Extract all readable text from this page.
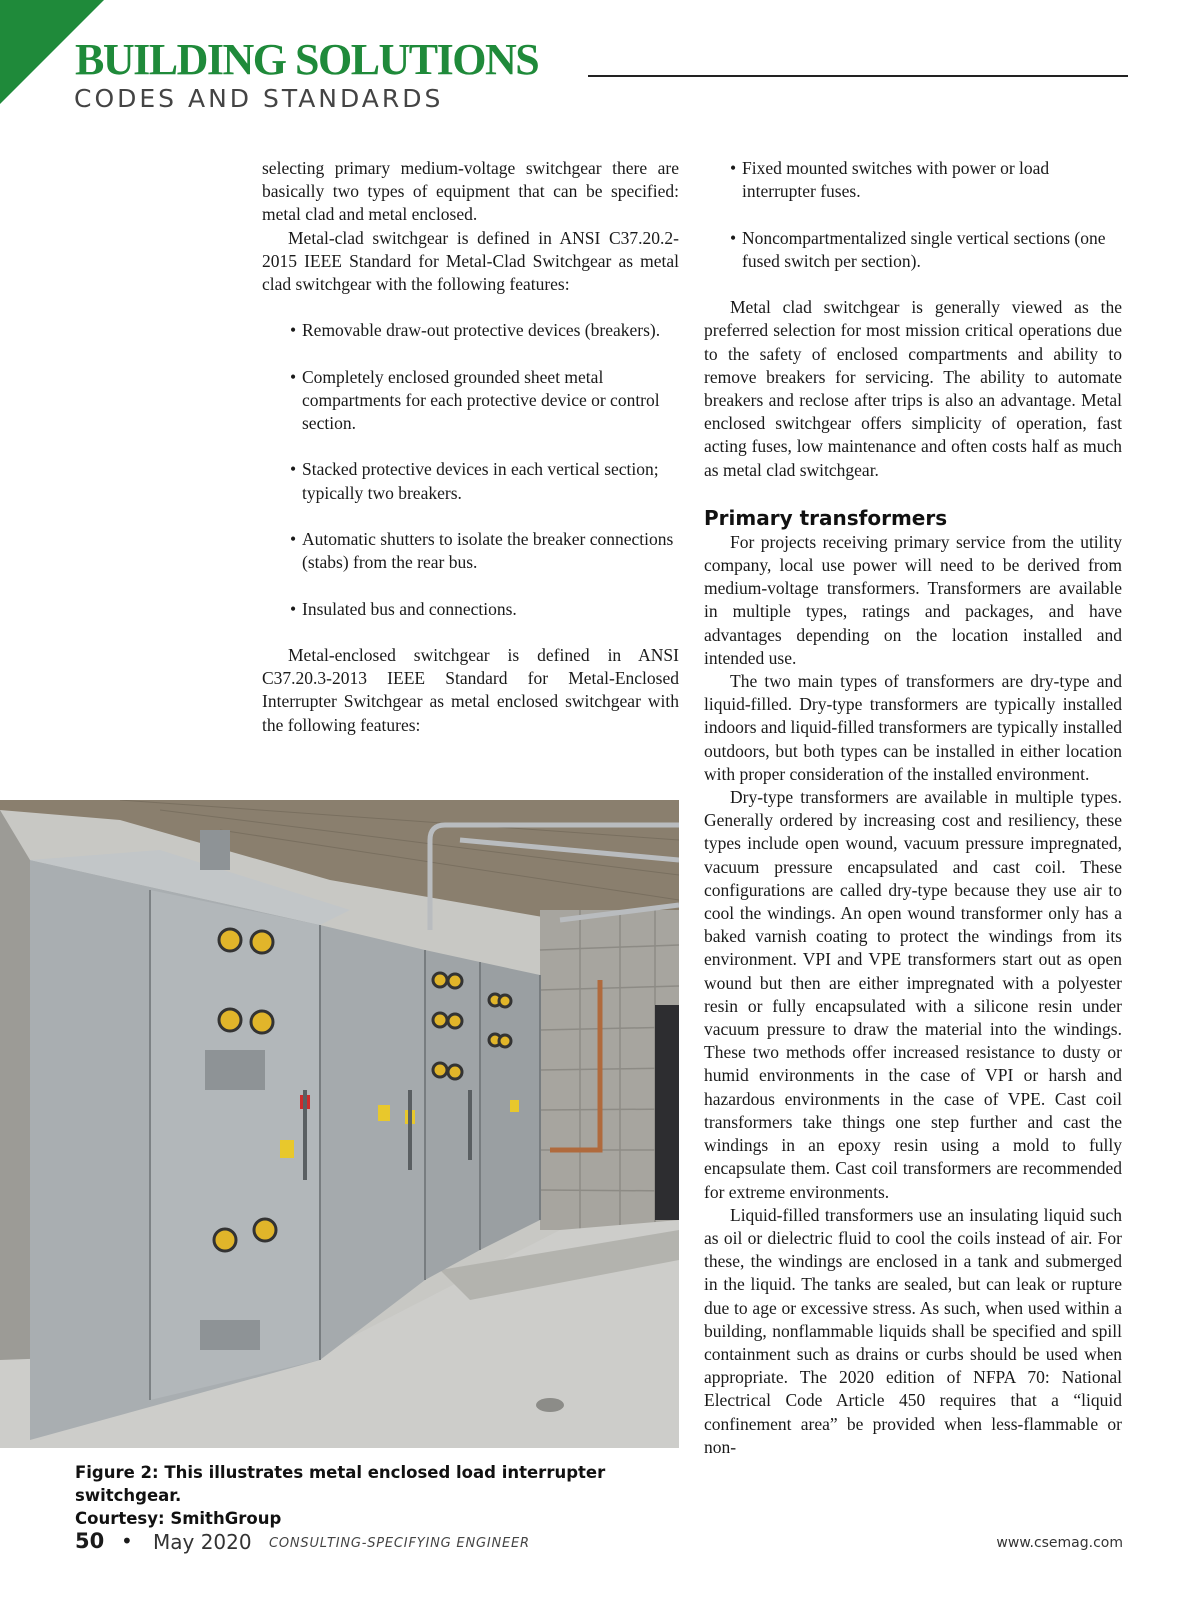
BUILDING SOLUTIONS
CODES AND STANDARDS

selecting primary medium-voltage switchgear there are basically two types of equipment that can be specified: metal clad and metal enclosed.

Metal-clad switchgear is defined in ANSI C37.20.2-2015 IEEE Standard for Metal-Clad Switchgear as metal clad switchgear with the following features:

• Removable draw-out protective devices (breakers).
• Completely enclosed grounded sheet metal compartments for each protective device or control section.
• Stacked protective devices in each vertical section; typically two breakers.
• Automatic shutters to isolate the breaker connections (stabs) from the rear bus.
• Insulated bus and connections.

Metal-enclosed switchgear is defined in ANSI C37.20.3-2013 IEEE Standard for Metal-Enclosed Interrupter Switchgear as metal enclosed switchgear with the following features:

• Fixed mounted switches with power or load interrupter fuses.
• Noncompartmentalized single vertical sections (one fused switch per section).

Metal clad switchgear is generally viewed as the preferred selection for most mission critical operations due to the safety of enclosed compartments and ability to remove breakers for servicing. The ability to automate breakers and reclose after trips is also an advantage. Metal enclosed switchgear offers simplicity of operation, fast acting fuses, low maintenance and often costs half as much as metal clad switchgear.

Primary transformers

For projects receiving primary service from the utility company, local use power will need to be derived from medium-voltage transformers. Transformers are available in multiple types, ratings and packages, and have advantages depending on the location installed and intended use.

The two main types of transformers are dry-type and liquid-filled. Dry-type transformers are typically installed indoors and liquid-filled transformers are typically installed outdoors, but both types can be installed in either location with proper consideration of the installed environment.

Dry-type transformers are available in multiple types. Generally ordered by increasing cost and resiliency, these types include open wound, vacuum pressure impregnated, vacuum pressure encapsulated and cast coil. These configurations are called dry-type because they use air to cool the windings. An open wound transformer only has a baked varnish coating to protect the windings from its environment. VPI and VPE transformers start out as open wound but then are either impregnated with a polyester resin or fully encapsulated with a silicone resin under vacuum pressure to draw the material into the windings. These two methods offer increased resistance to dusty or humid environments in the case of VPI or harsh and hazardous environments in the case of VPE. Cast coil transformers take things one step further and cast the windings in an epoxy resin using a mold to fully encapsulate them. Cast coil transformers are recommended for extreme environments.

Liquid-filled transformers use an insulating liquid such as oil or dielectric fluid to cool the coils instead of air. For these, the windings are enclosed in a tank and submerged in the liquid. The tanks are sealed, but can leak or rupture due to age or excessive stress. As such, when used within a building, nonflammable liquids shall be specified and spill containment such as drains or curbs should be used when appropriate. The 2020 edition of NFPA 70: National Electrical Code Article 450 requires that a “liquid confinement area” be provided when less-flammable or non-

Figure 2: This illustrates metal enclosed load interrupter switchgear.
Courtesy: SmithGroup
50 • May 2020 CONSULTING-SPECIFYING ENGINEER	www.csemag.com
